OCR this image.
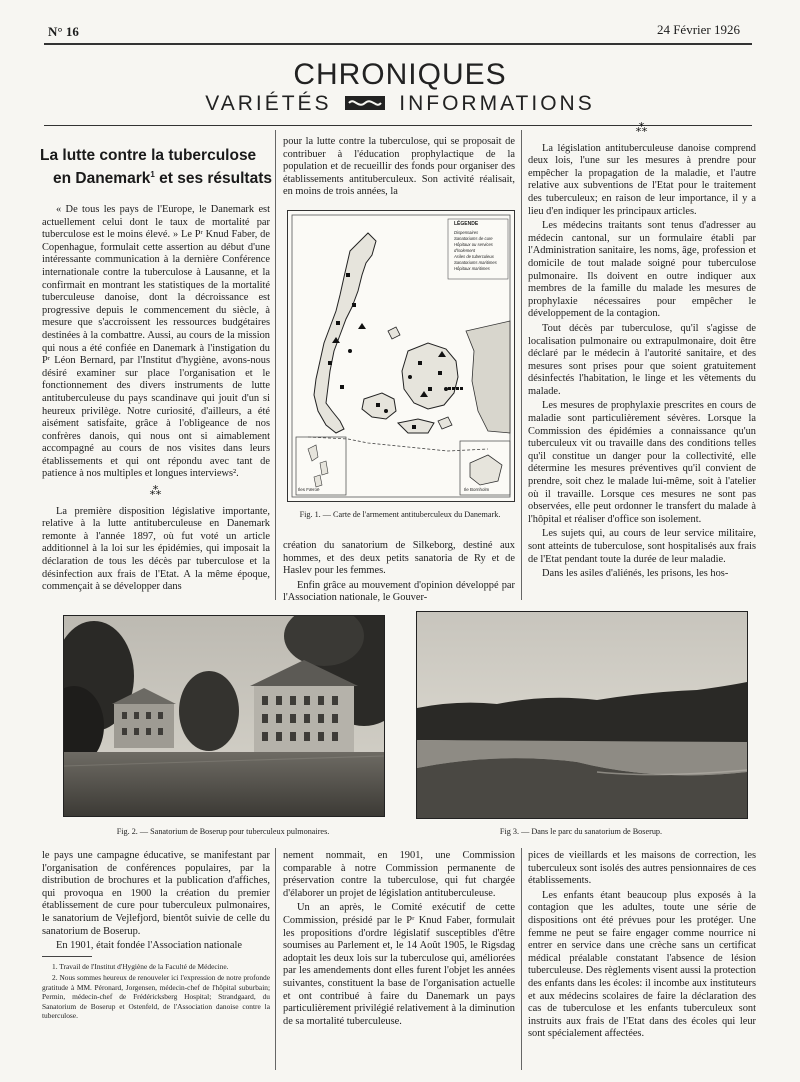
N° 16	24 Février 1926
CHRONIQUES
VARIÉTÉS	INFORMATIONS
La lutte contre la tuberculose
en Danemark$^1$ et ses résultats

« De tous les pays de l'Europe, le Danemark est actuellement celui dont le taux de mortalité par tuberculose est le moins élevé. » Le Pʳ Knud Faber, de Copenhague, formulait cette assertion au début d'une intéressante communication à la dernière Conférence internationale contre la tuberculose à Lausanne, et la confirmait en montrant les statistiques de la mortalité tuberculeuse danoise, dont la décroissance est progressive depuis le commencement du siècle, à mesure que s'accroissent les ressources budgétaires destinées à la combattre. Aussi, au cours de la mission qui nous a été confiée en Danemark à l'instigation du Pʳ Léon Bernard, par l'Institut d'hygiène, avons-nous désiré examiner sur place l'organisation et le fonctionnement des divers instruments de lutte antituberculeuse du pays scandinave qui jouit d'un si heureux privilège. Notre curiosité, d'ailleurs, a été aisément satisfaite, grâce à l'obligeance de nos confrères danois, qui nous ont si aimablement accompagné au cours de nos visites dans leurs établissements et qui ont répondu avec tant de patience à nos multiples et longues interviews².

⁂

La première disposition législative importante, relative à la lutte antituberculeuse en Danemark remonte à l'année 1897, où fut voté un article additionnel à la loi sur les épidémies, qui imposait la déclaration de tous les décès par tuberculose et la désinfection aux frais de l'Etat. A la même époque, commençait à se développer dans

pour la lutte contre la tuberculose, qui se proposait de contribuer à l'éducation prophylactique de la population et de recueillir des fonds pour organiser des établissements antituberculeux. Son activité réalisait, en moins de trois années, la

LÉGENDE
Dispensaires
Sanatoriums de cure
Hôpitaux ou services d'isolement
Asiles de tuberculeux
Sanatoriums maritimes
Hôpitaux maritimes
Iles Færoë	Ile Bornholm
Fig. 1. — Carte de l'armement antituberculeux du Danemark.

création du sanatorium de Silkeborg, destiné aux hommes, et des deux petits sanatoria de Ry et de Haslev pour les femmes.

Enfin grâce au mouvement d'opinion développé par l'Association nationale, le Gouver-

⁂

La législation antituberculeuse danoise comprend deux lois, l'une sur les mesures à prendre pour empêcher la propagation de la maladie, et l'autre relative aux subventions de l'Etat pour le traitement des tuberculeux; en raison de leur importance, il y a lieu d'en indiquer les principaux articles.

Les médecins traitants sont tenus d'adresser au médecin cantonal, sur un formulaire établi par l'Administration sanitaire, les noms, âge, profession et domicile de tout malade soigné pour tuberculose pulmonaire. Ils doivent en outre indiquer aux membres de la famille du malade les mesures de prophylaxie nécessaires pour empêcher le développement de la contagion.

Tout décès par tuberculose, qu'il s'agisse de localisation pulmonaire ou extrapulmonaire, doit être déclaré par le médecin à l'autorité sanitaire, et des mesures sont prises pour que soient gratuitement désinfectés l'habitation, le linge et les vêtements du malade.

Les mesures de prophylaxie prescrites en cours de maladie sont particulièrement sévères. Lorsque la Commission des épidémies a connaissance qu'un tuberculeux vit ou travaille dans des conditions telles qu'il constitue un danger pour la collectivité, elle détermine les mesures préventives qu'il convient de prendre, soit chez le malade lui-même, soit à l'atelier où il travaille. Lorsque ces mesures ne sont pas observées, elle peut ordonner le transfert du malade à l'hôpital et réaliser d'office son isolement.

Les sujets qui, au cours de leur service militaire, sont atteints de tuberculose, sont hospitalisés aux frais de l'Etat pendant toute la durée de leur maladie.

Dans les asiles d'aliénés, les prisons, les hos-

Fig. 2. — Sanatorium de Boserup pour tuberculeux pulmonaires.	Fig 3. — Dans le parc du sanatorium de Boserup.

le pays une campagne éducative, se manifestant par l'organisation de conférences populaires, par la distribution de brochures et la publication d'affiches, qui provoqua en 1900 la création du premier établissement de cure pour tuberculeux pulmonaires, le sanatorium de Vejlefjord, bientôt suivie de celle du sanatorium de Boserup.

En 1901, était fondée l'Association nationale

1. Travail de l'Institut d'Hygiène de la Faculté de Médecine.

2. Nous sommes heureux de renouveler ici l'expression de notre profonde gratitude à MM. Péronard, Jorgensen, médecin-chef de l'hôpital suburbain; Permin, médecin-chef de Frédéricksberg Hospital; Strandgaard, du Sanatorium de Boserup et Ostenfeld, de l'Association danoise contre la tuberculose.

nement nommait, en 1901, une Commission comparable à notre Commission permanente de préservation contre la tuberculose, qui fut chargée d'élaborer un projet de législation antituberculeuse.

Un an après, le Comité exécutif de cette Commission, présidé par le Pʳ Knud Faber, formulait les propositions d'ordre législatif susceptibles d'être soumises au Parlement et, le 14 Août 1905, le Rigsdag adoptait les deux lois sur la tuberculose qui, améliorées par les amendements dont elles furent l'objet les années suivantes, constituent la base de l'organisation actuelle et ont contribué à faire du Danemark un pays particulièrement privilégié relativement à la diminution de sa mortalité tuberculeuse.

pices de vieillards et les maisons de correction, les tuberculeux sont isolés des autres pensionnaires de ces établissements.

Les enfants étant beaucoup plus exposés à la contagion que les adultes, toute une série de dispositions ont été prévues pour les protéger. Une femme ne peut se faire engager comme nourrice ni entrer en service dans une crèche sans un certificat médical préalable constatant l'absence de lésion tuberculeuse. Des règlements visent aussi la protection des enfants dans les écoles: il incombe aux instituteurs et aux médecins scolaires de faire la déclaration des cas de tuberculose et les enfants tuberculeux sont instruits aux frais de l'Etat dans des écoles qui leur sont spécialement affectées.
